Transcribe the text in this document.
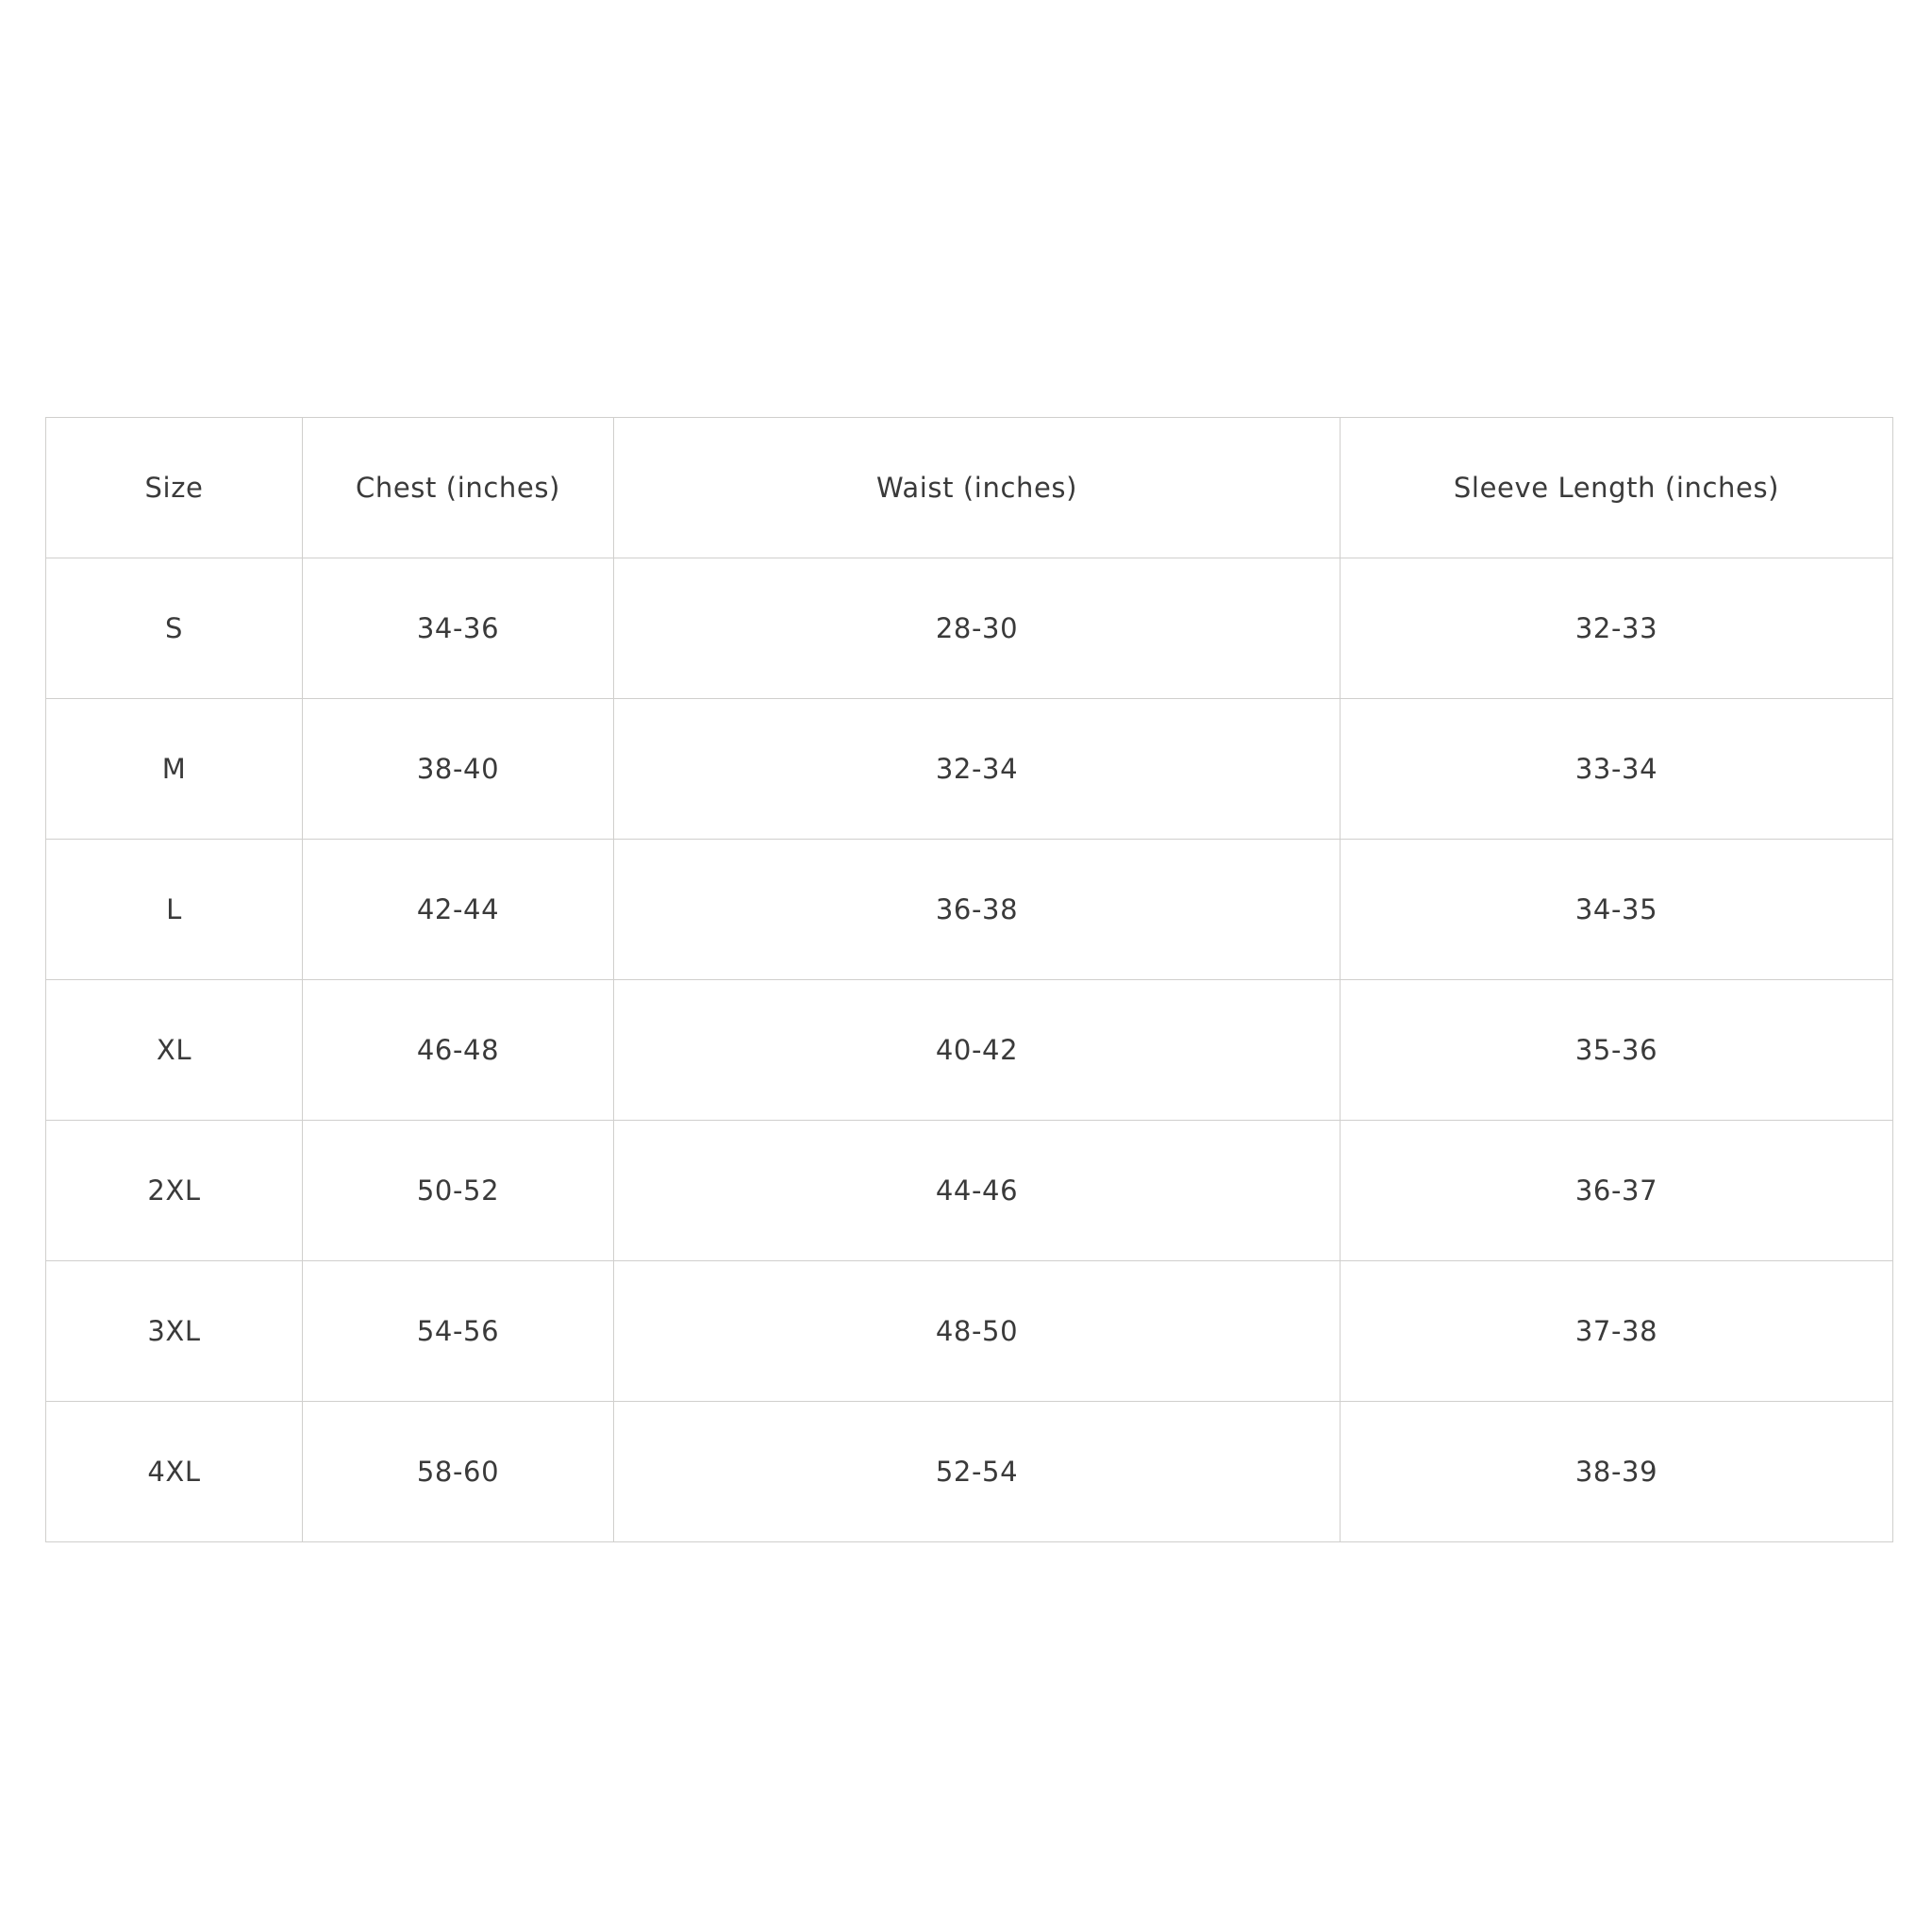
Size	Chest (inches)	Waist (inches)	Sleeve Length (inches)
S	34-36	28-30	32-33
M	38-40	32-34	33-34
L	42-44	36-38	34-35
XL	46-48	40-42	35-36
2XL	50-52	44-46	36-37
3XL	54-56	48-50	37-38
4XL	58-60	52-54	38-39
